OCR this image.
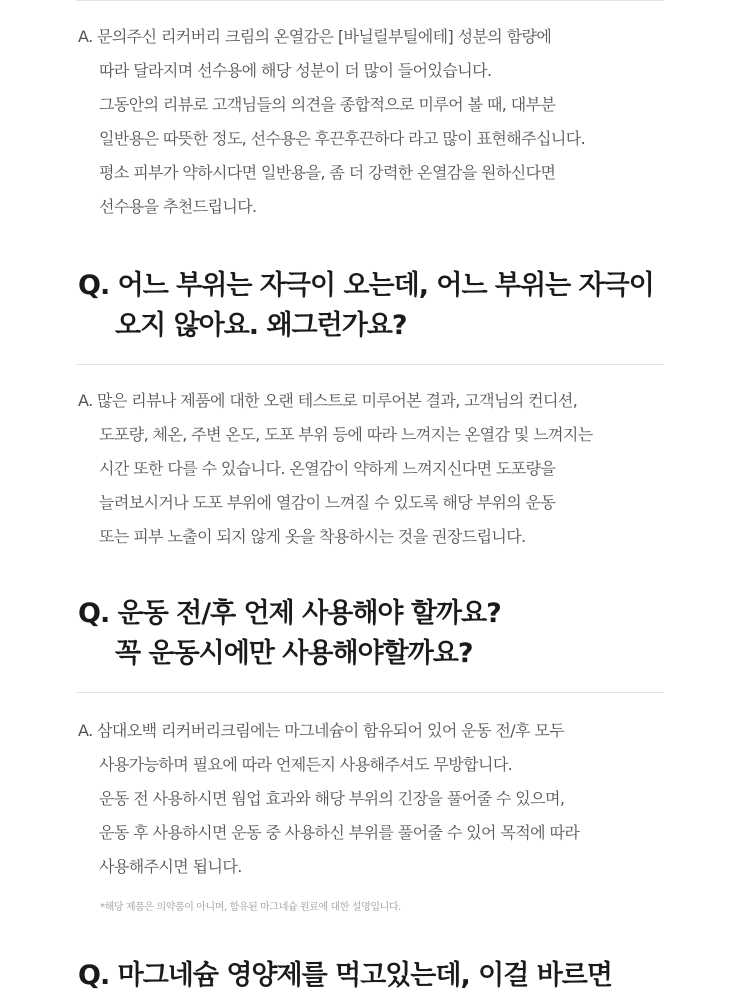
A. 문의주신 리커버리 크림의 온열감은 [바닐릴부틸에테] 성분의 함량에
따라 달라지며 선수용에 해당 성분이 더 많이 들어있습니다.
그동안의 리뷰로 고객님들의 의견을 종합적으로 미루어 볼 때, 대부분
일반용은 따뜻한 정도, 선수용은 후끈후끈하다 라고 많이 표현해주십니다.
평소 피부가 약하시다면 일반용을, 좀 더 강력한 온열감을 원하신다면
선수용을 추천드립니다.
Q. 어느 부위는 자극이 오는데, 어느 부위는 자극이
오지 않아요. 왜그런가요?
A. 많은 리뷰나 제품에 대한 오랜 테스트로 미루어본 결과, 고객님의 컨디션,
도포량, 체온, 주변 온도, 도포 부위 등에 따라 느껴지는 온열감 및 느껴지는
시간 또한 다를 수 있습니다. 온열감이 약하게 느껴지신다면 도포량을
늘려보시거나 도포 부위에 열감이 느껴질 수 있도록 해당 부위의 운동
또는 피부 노출이 되지 않게 옷을 착용하시는 것을 권장드립니다.
Q. 운동 전/후 언제 사용해야 할까요?
꼭 운동시에만 사용해야할까요?
A. 삼대오백 리커버리크림에는 마그네슘이 함유되어 있어 운동 전/후 모두
사용가능하며 필요에 따라 언제든지 사용해주셔도 무방합니다.
운동 전 사용하시면 웜업 효과와 해당 부위의 긴장을 풀어줄 수 있으며,
운동 후 사용하시면 운동 중 사용하신 부위를 풀어줄 수 있어 목적에 따라
사용해주시면 됩니다.
*해당 제품은 의약품이 아니며, 함유된 마그네슘 원료에 대한 설명입니다.
Q. 마그네슘 영양제를 먹고있는데, 이걸 바르면
